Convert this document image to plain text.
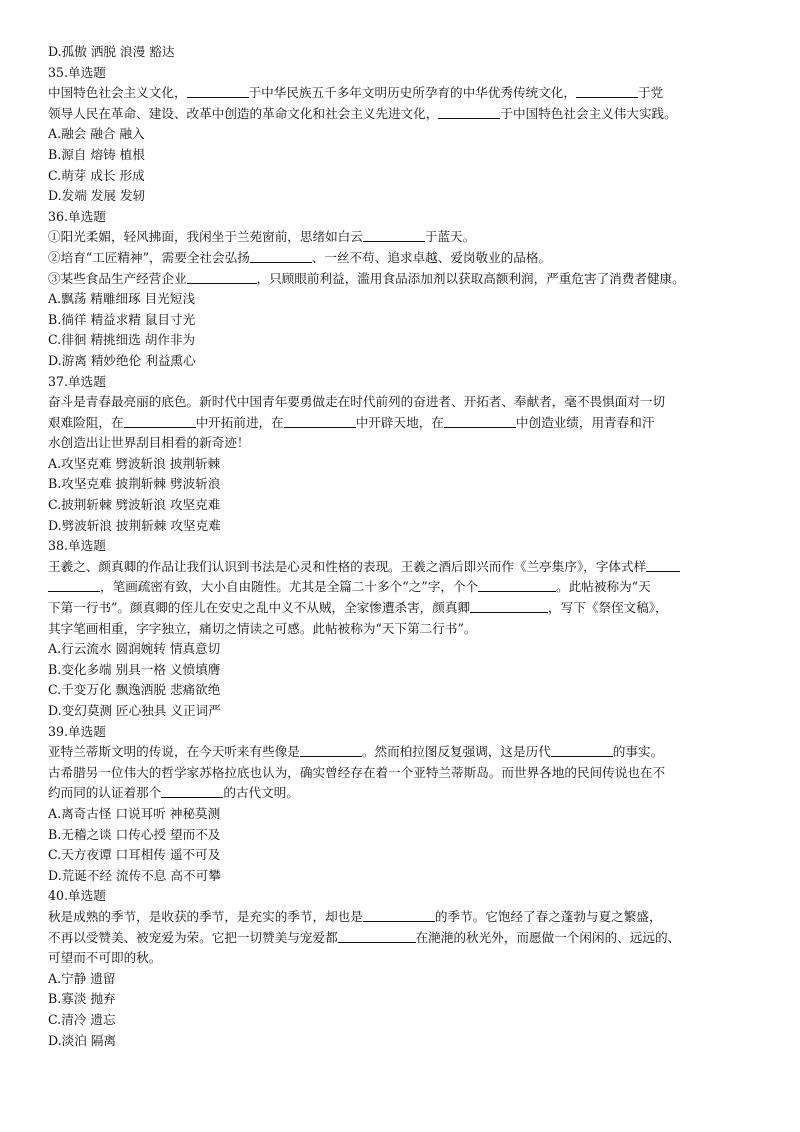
D.孤傲 洒脱 浪漫 豁达
35.单选题
中国特色社会主义文化，	于中华民族五千多年文明历史所孕育的中华优秀传统文化，	于党
领导人民在革命、建设、改革中创造的革命文化和社会主义先进文化，	于中国特色社会主义伟大实践。
A.融会 融合 融入
B.源自 熔铸 植根
C.萌芽 成长 形成
D.发端 发展 发轫
36.单选题
①阳光柔媚，轻风拂面，我闲坐于兰苑窗前，思绪如白云	于蓝天。
②培育“工匠精神”，需要全社会弘扬	、一丝不苟、追求卓越、爱岗敬业的品格。
③某些食品生产经营企业	，只顾眼前利益，滥用食品添加剂以获取高额利润，严重危害了消费者健康。
A.飘荡 精雕细琢 目光短浅
B.徜徉 精益求精 鼠目寸光
C.徘徊 精挑细选 胡作非为
D.游离 精妙绝伦 利益熏心
37.单选题
奋斗是青春最亮丽的底色。新时代中国青年要勇做走在时代前列的奋进者、开拓者、奉献者，毫不畏惧面对一切
艰难险阻，在	中开拓前进，在	中开辟天地，在	中创造业绩，用青春和汗
水创造出让世界刮目相看的新奇迹！
A.攻坚克难 劈波斩浪 披荆斩棘
B.攻坚克难 披荆斩棘 劈波斩浪
C.披荆斩棘 劈波斩浪 攻坚克难
D.劈波斩浪 披荆斩棘 攻坚克难
38.单选题
王羲之、颜真卿的作品让我们认识到书法是心灵和性格的表现。王羲之酒后即兴而作《兰亭集序》，字体式样
，笔画疏密有致，大小自由随性。尤其是全篇二十多个“之”字，个个	。此帖被称为“天
下第一行书”。颜真卿的侄儿在安史之乱中义不从贼，全家惨遭杀害，颜真卿	，写下《祭侄文稿》，
其字笔画相重，字字独立，痛切之情读之可感。此帖被称为“天下第二行书”。
A.行云流水 圆润婉转 情真意切
B.变化多端 别具一格 义愤填膺
C.千变万化 飘逸洒脱 悲痛欲绝
D.变幻莫测 匠心独具 义正词严
39.单选题
亚特兰蒂斯文明的传说，在今天听来有些像是	。然而柏拉图反复强调，这是历代	的事实。
古希腊另一位伟大的哲学家苏格拉底也认为，确实曾经存在着一个亚特兰蒂斯岛。而世界各地的民间传说也在不
约而同的认证着那个	的古代文明。
A.离奇古怪 口说耳听 神秘莫测
B.无稽之谈 口传心授 望而不及
C.天方夜谭 口耳相传 遥不可及
D.荒诞不经 流传不息 高不可攀
40.单选题
秋是成熟的季节，是收获的季节，是充实的季节，却也是	的季节。它饱经了春之蓬勃与夏之繁盛，
不再以受赞美、被宠爱为荣。它把一切赞美与宠爱都	在滟滟的秋光外，而愿做一个闲闲的、远远的、
可望而不可即的秋。
A.宁静 遗留
B.寡淡 抛弃
C.清冷 遗忘
D.淡泊 隔离
